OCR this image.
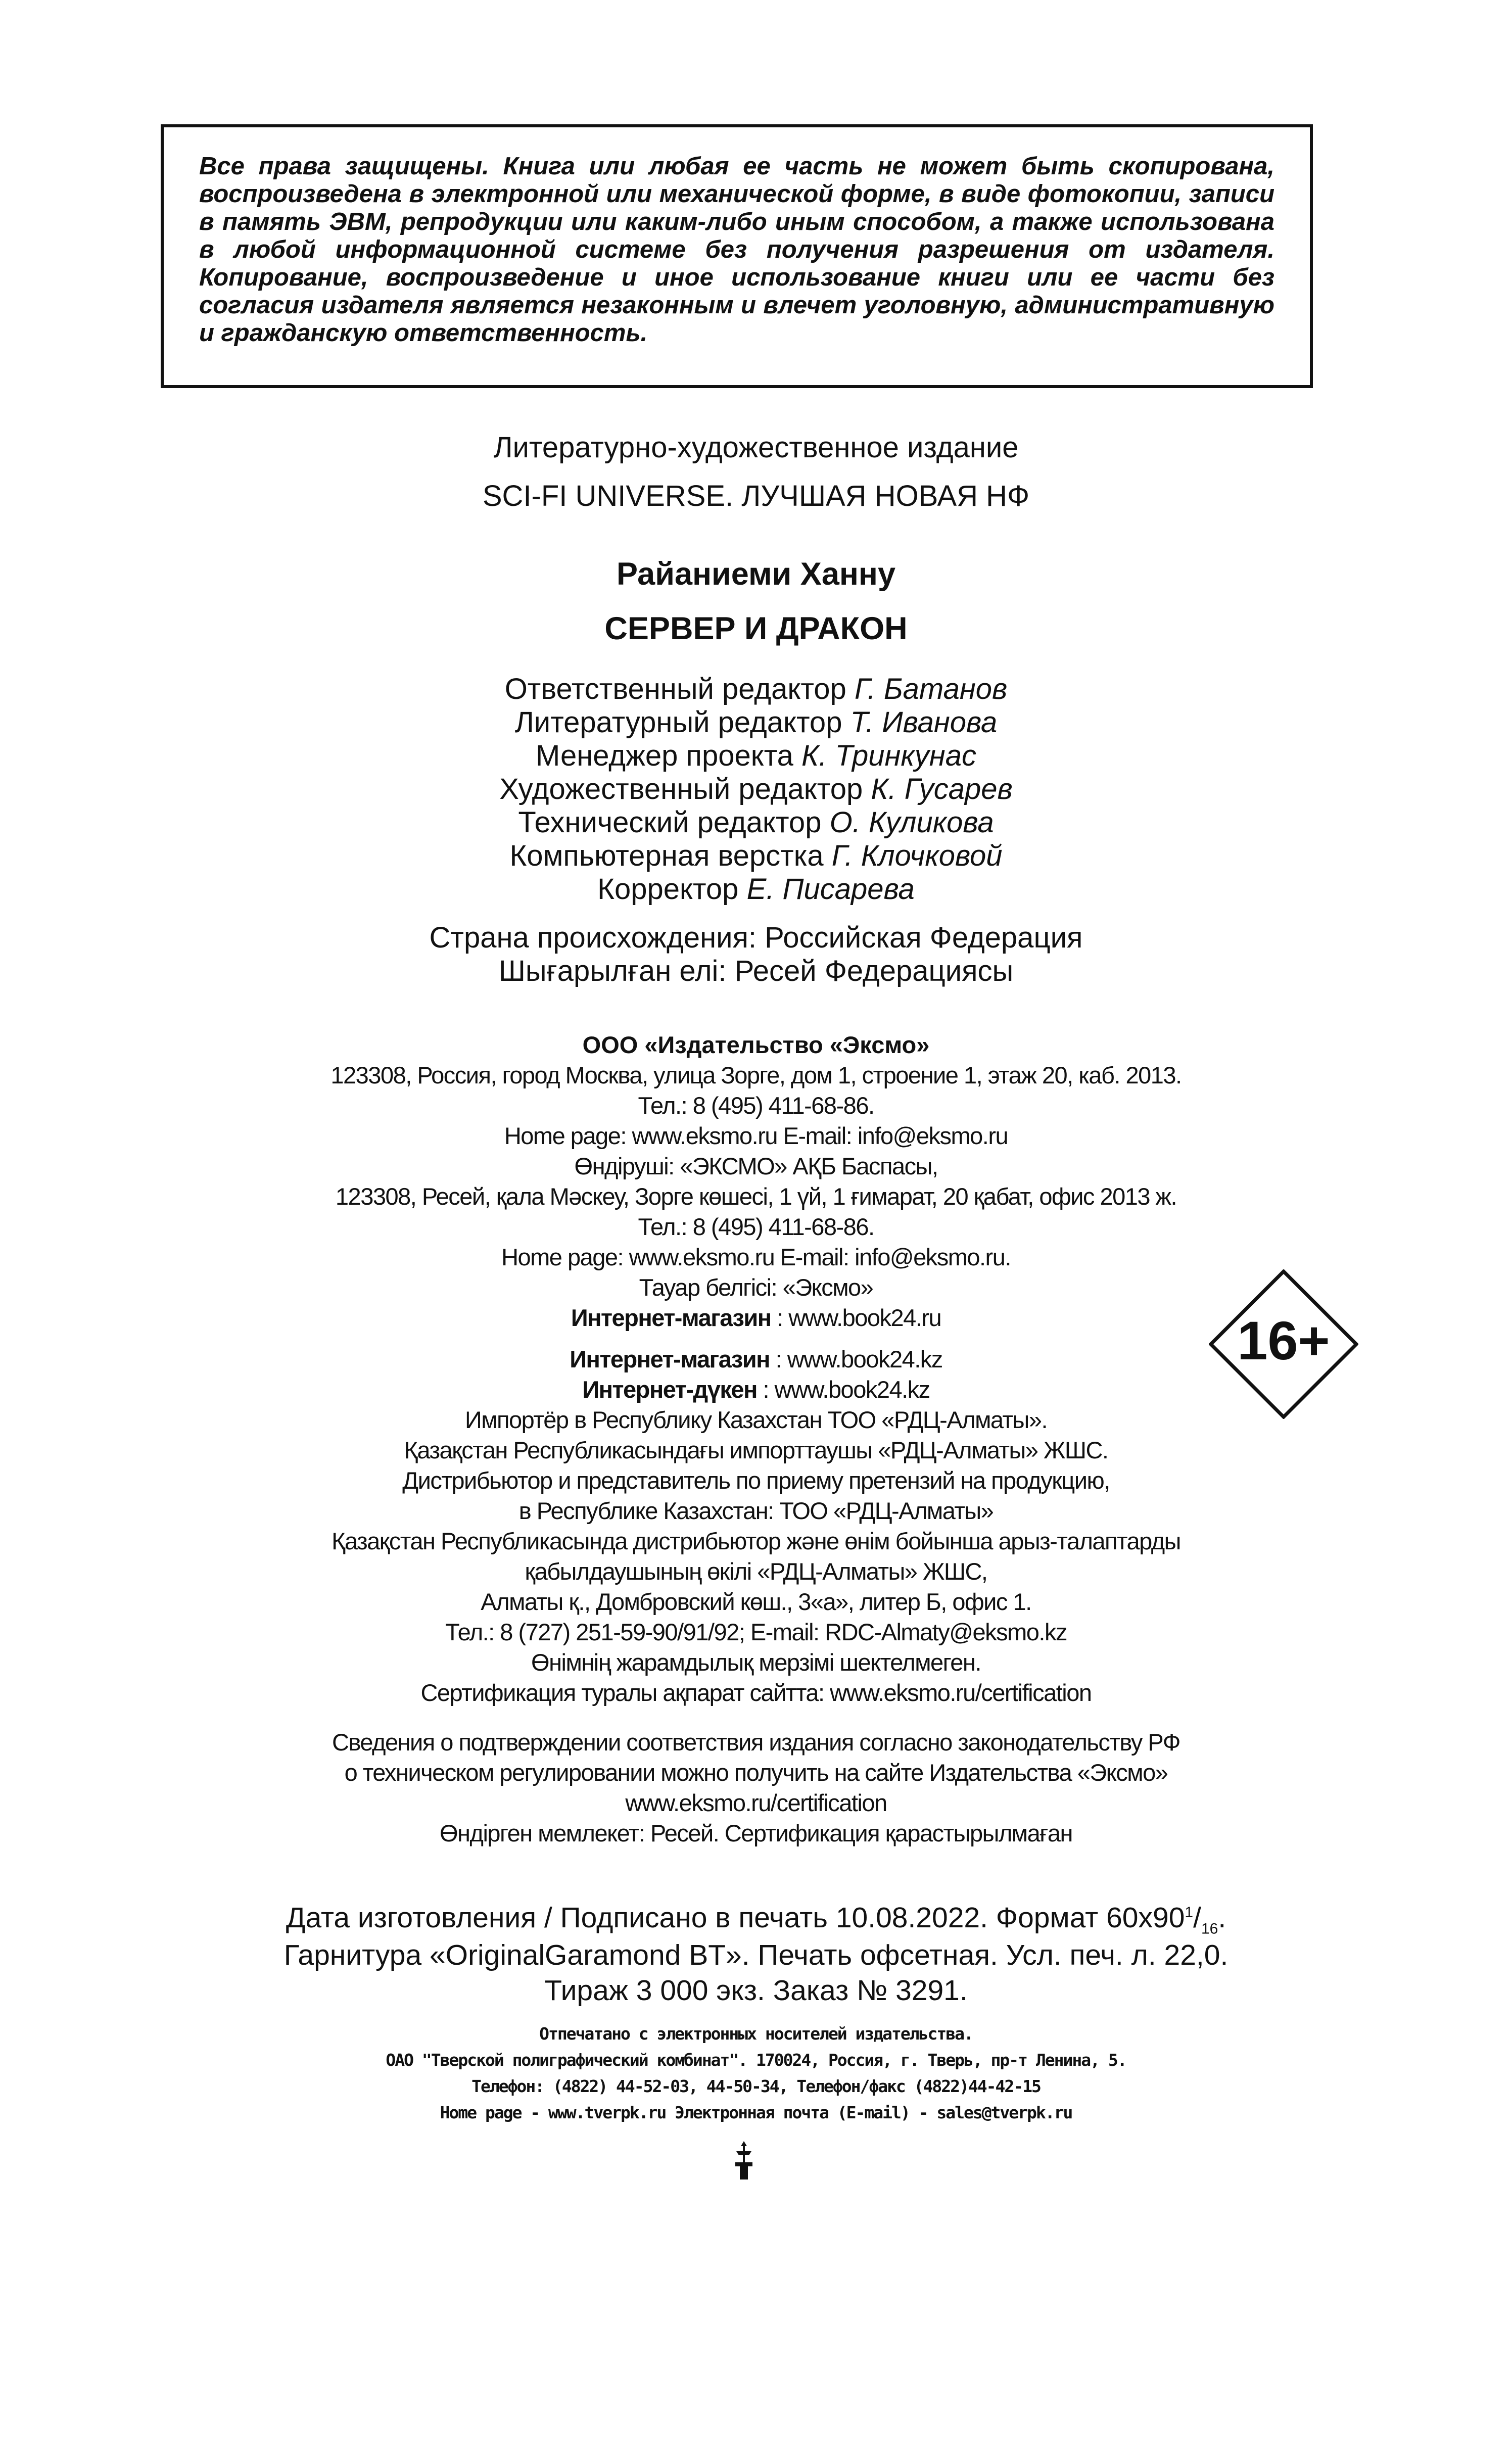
Все права защищены. Книга или любая ее часть не может быть скопирована, воспроизведена в электронной или механической форме, в виде фотокопии, записи в память ЭВМ, репродукции или каким-либо иным способом, а также использована в любой информационной системе без получения разрешения от издателя. Копирование, воспроизведение и иное использование книги или ее части без согласия издателя является незаконным и влечет уголовную, административную и гражданскую ответственность.
Литературно-художественное издание
SCI-FI UNIVERSE. ЛУЧШАЯ НОВАЯ НФ
Райаниеми Ханну
СЕРВЕР И ДРАКОН
Ответственный редактор Г. Батанов
Литературный редактор Т. Иванова
Менеджер проекта К. Тринкунас
Художественный редактор К. Гусарев
Технический редактор О. Куликова
Компьютерная верстка Г. Клочковой
Корректор Е. Писарева
Страна происхождения: Российская Федерация
Шығарылған елі: Ресей Федерациясы
ООО «Издательство «Эксмо»
123308, Россия, город Москва, улица Зорге, дом 1, строение 1, этаж 20, каб. 2013.
Тел.: 8 (495) 411-68-86.
Home page: www.eksmo.ru E-mail: info@eksmo.ru
Өндіруші: «ЭКСМО» АҚБ Баспасы,
123308, Ресей, қала Мәскеу, Зорге көшесі, 1 үй, 1 ғимарат, 20 қабат, офис 2013 ж.
Тел.: 8 (495) 411-68-86.
Home page: www.eksmo.ru E-mail: info@eksmo.ru.
Тауар белгісі: «Эксмо»
Интернет-магазин : www.book24.ru
Интернет-магазин : www.book24.kz
Интернет-дүкен : www.book24.kz
Импортёр в Республику Казахстан ТОО «РДЦ-Алматы».
Қазақстан Республикасындағы импорттаушы «РДЦ-Алматы» ЖШС.
Дистрибьютор и представитель по приему претензий на продукцию,
в Республике Казахстан: ТОО «РДЦ-Алматы»
Қазақстан Республикасында дистрибьютор және өнім бойынша арыз-талаптарды
қабылдаушының өкілі «РДЦ-Алматы» ЖШС,
Алматы қ., Домбровский көш., 3«а», литер Б, офис 1.
Тел.: 8 (727) 251-59-90/91/92; E-mail: RDC-Almaty@eksmo.kz
Өнімнің жарамдылық мерзімі шектелмеген.
Сертификация туралы ақпарат сайтта: www.eksmo.ru/certification
Сведения о подтверждении соответствия издания согласно законодательству РФ
о техническом регулировании можно получить на сайте Издательства «Эксмо»
www.eksmo.ru/certification
Өндірген мемлекет: Ресей. Сертификация қарастырылмаған
16+
Дата изготовления / Подписано в печать 10.08.2022. Формат $60x90^1/_{16}$.
Гарнитура «OriginalGaramond BT». Печать офсетная. Усл. печ. л. 22,0.
Тираж 3 000 экз. Заказ № 3291.
Отпечатано с электронных носителей издательства.
ОАО "Тверской полиграфический комбинат". 170024, Россия, г. Тверь, пр-т Ленина, 5.
Телефон: (4822) 44-52-03, 44-50-34, Телефон/факс (4822)44-42-15
Home page - www.tverpk.ru Электронная почта (E-mail) - sales@tverpk.ru
